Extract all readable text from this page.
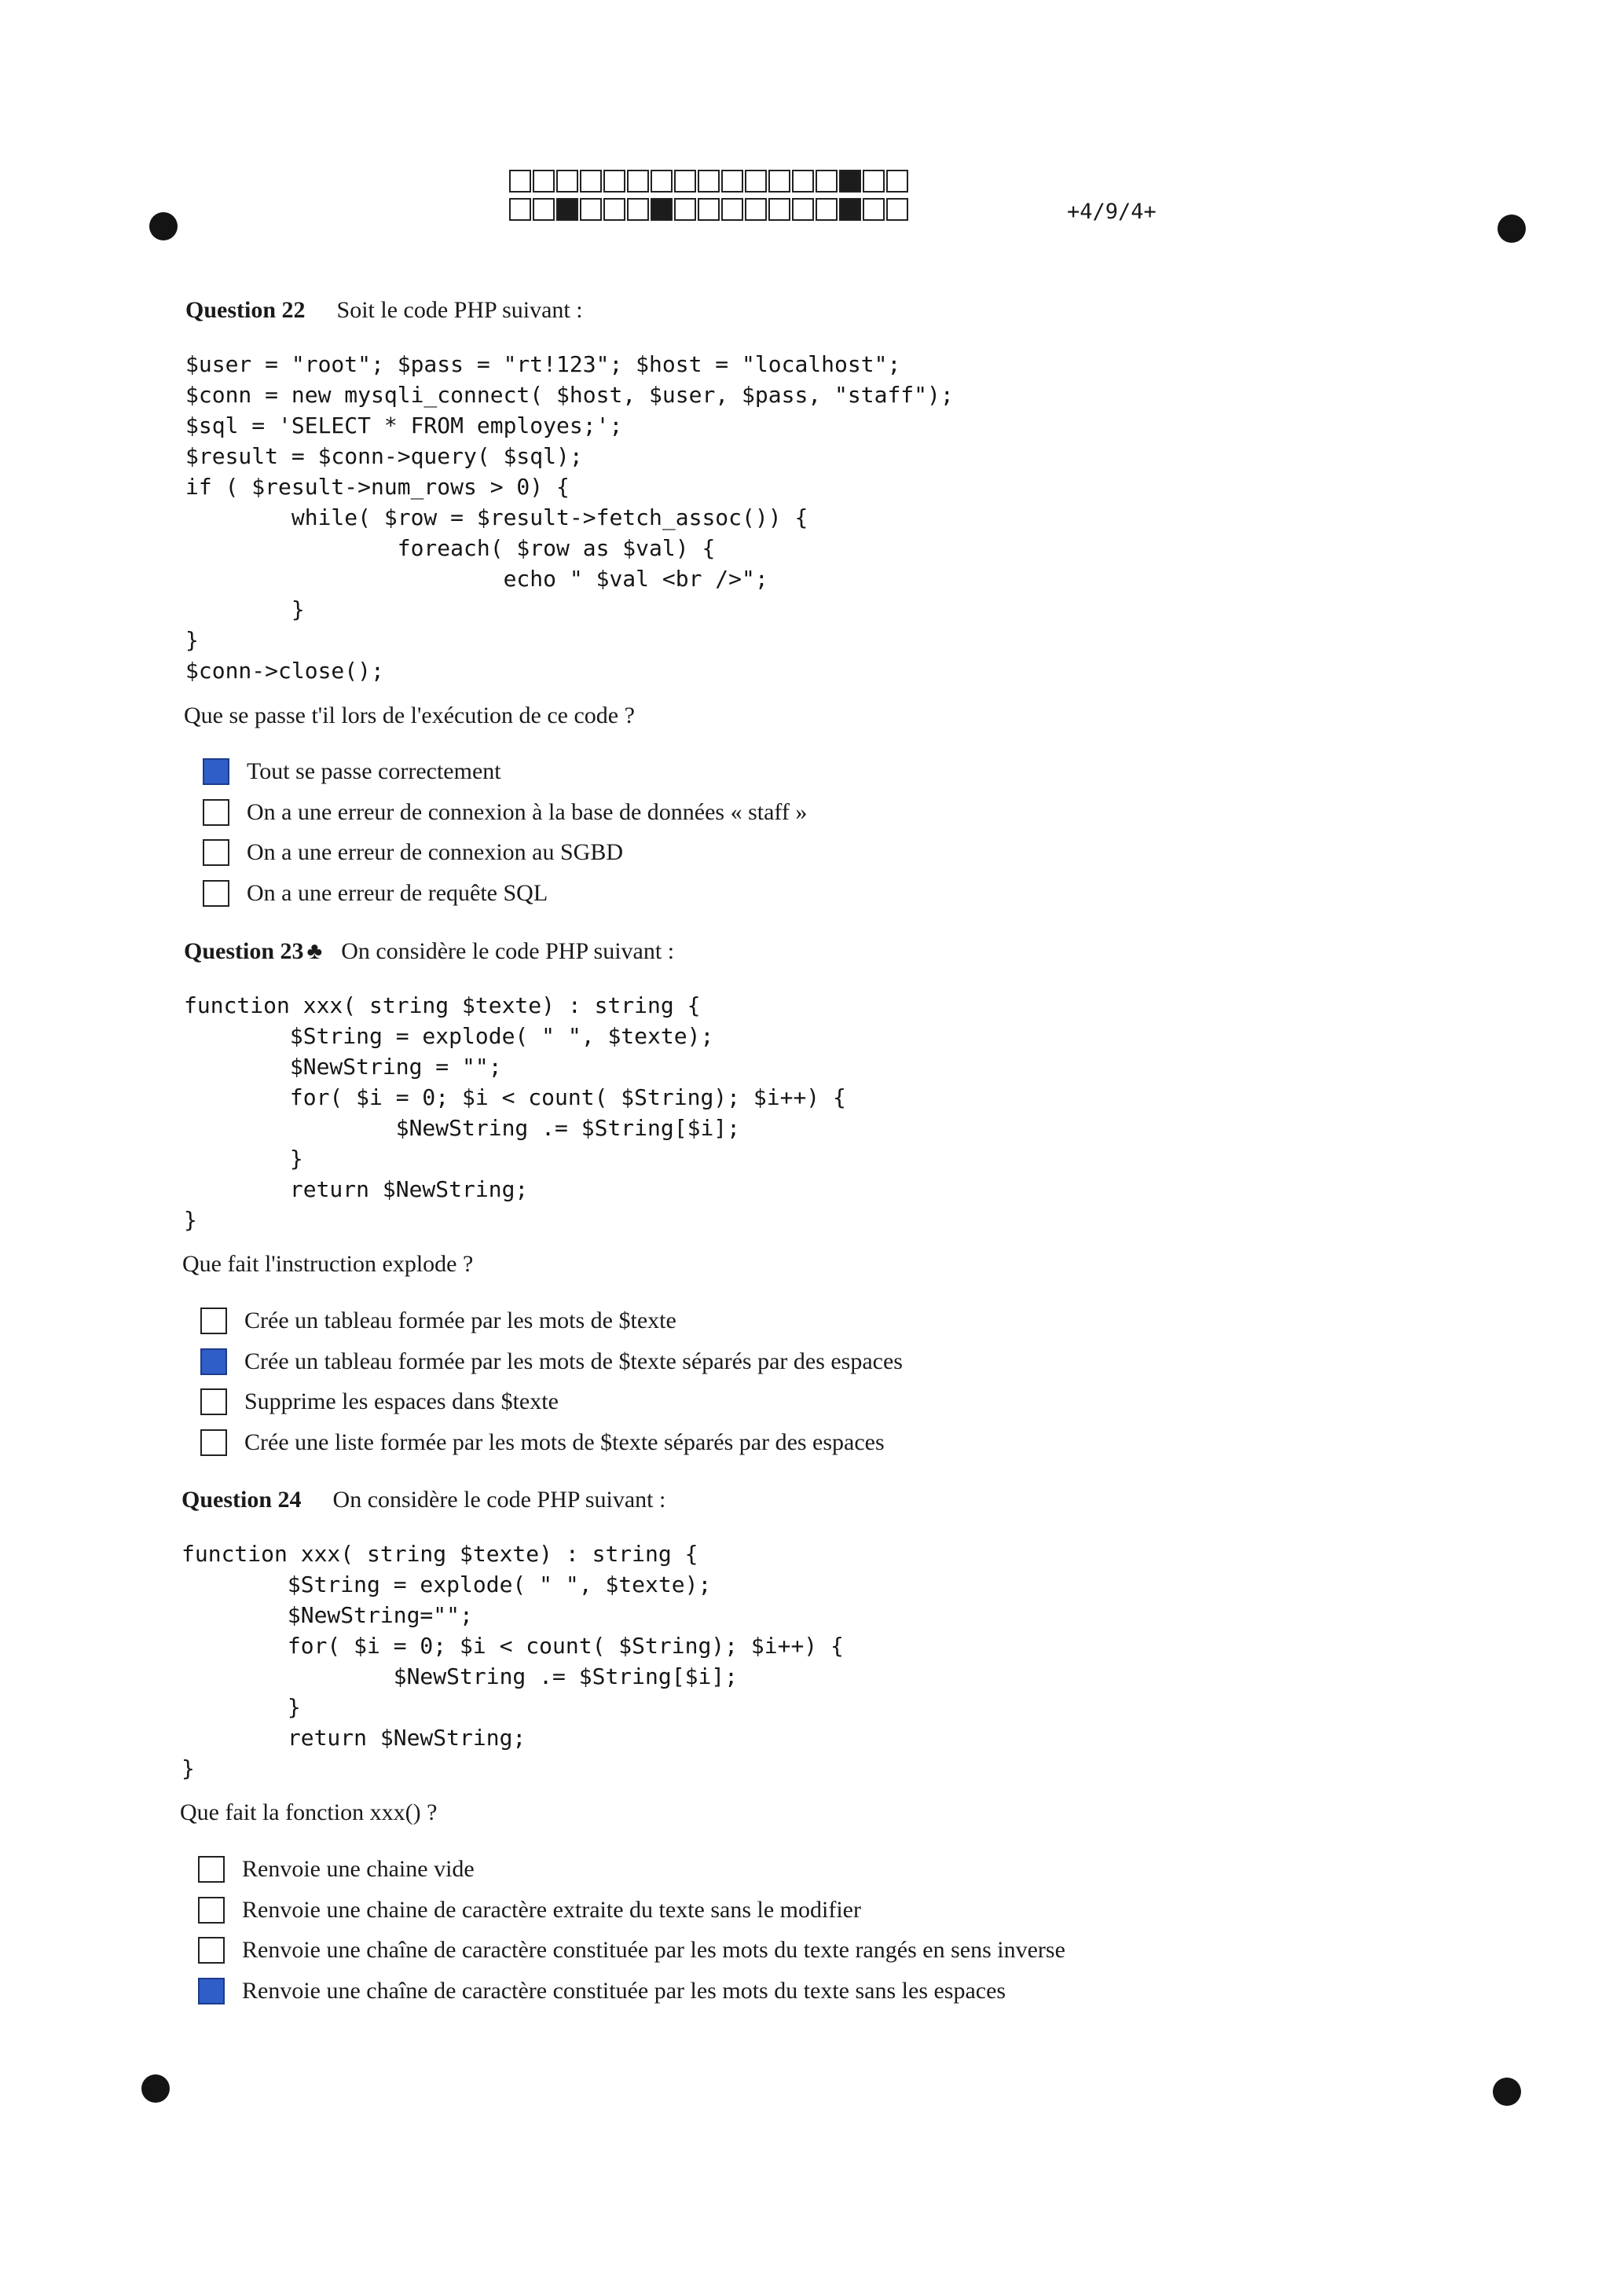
+4/9/4+
Question 22 Soit le code PHP suivant :
$user = "root"; $pass = "rt!123"; $host = "localhost";
$conn = new mysqli_connect( $host, $user, $pass, "staff");
$sql = 'SELECT * FROM employes;';
$result = $conn->query( $sql);
if ( $result->num_rows > 0) {
while( $row = $result->fetch_assoc()) {
foreach( $row as $val) {
echo " $val <br />";
}
}
$conn->close();
Que se passe t'il lors de l'exécution de ce code ?
Tout se passe correctement
On a une erreur de connexion à la base de données « staff »
On a une erreur de connexion au SGBD
On a une erreur de requête SQL
Question 23 ♣ On considère le code PHP suivant :
function xxx( string $texte) : string {
$String = explode( " ", $texte);
$NewString = "";
for( $i = 0; $i < count( $String); $i++) {
$NewString .= $String[$i];
}
return $NewString;
}
Que fait l'instruction explode ?
Crée un tableau formée par les mots de $texte
Crée un tableau formée par les mots de $texte séparés par des espaces
Supprime les espaces dans $texte
Crée une liste formée par les mots de $texte séparés par des espaces
Question 24 On considère le code PHP suivant :
function xxx( string $texte) : string {
$String = explode( " ", $texte);
$NewString="";
for( $i = 0; $i < count( $String); $i++) {
$NewString .= $String[$i];
}
return $NewString;
}
Que fait la fonction xxx() ?
Renvoie une chaine vide
Renvoie une chaine de caractère extraite du texte sans le modifier
Renvoie une chaîne de caractère constituée par les mots du texte rangés en sens inverse
Renvoie une chaîne de caractère constituée par les mots du texte sans les espaces
